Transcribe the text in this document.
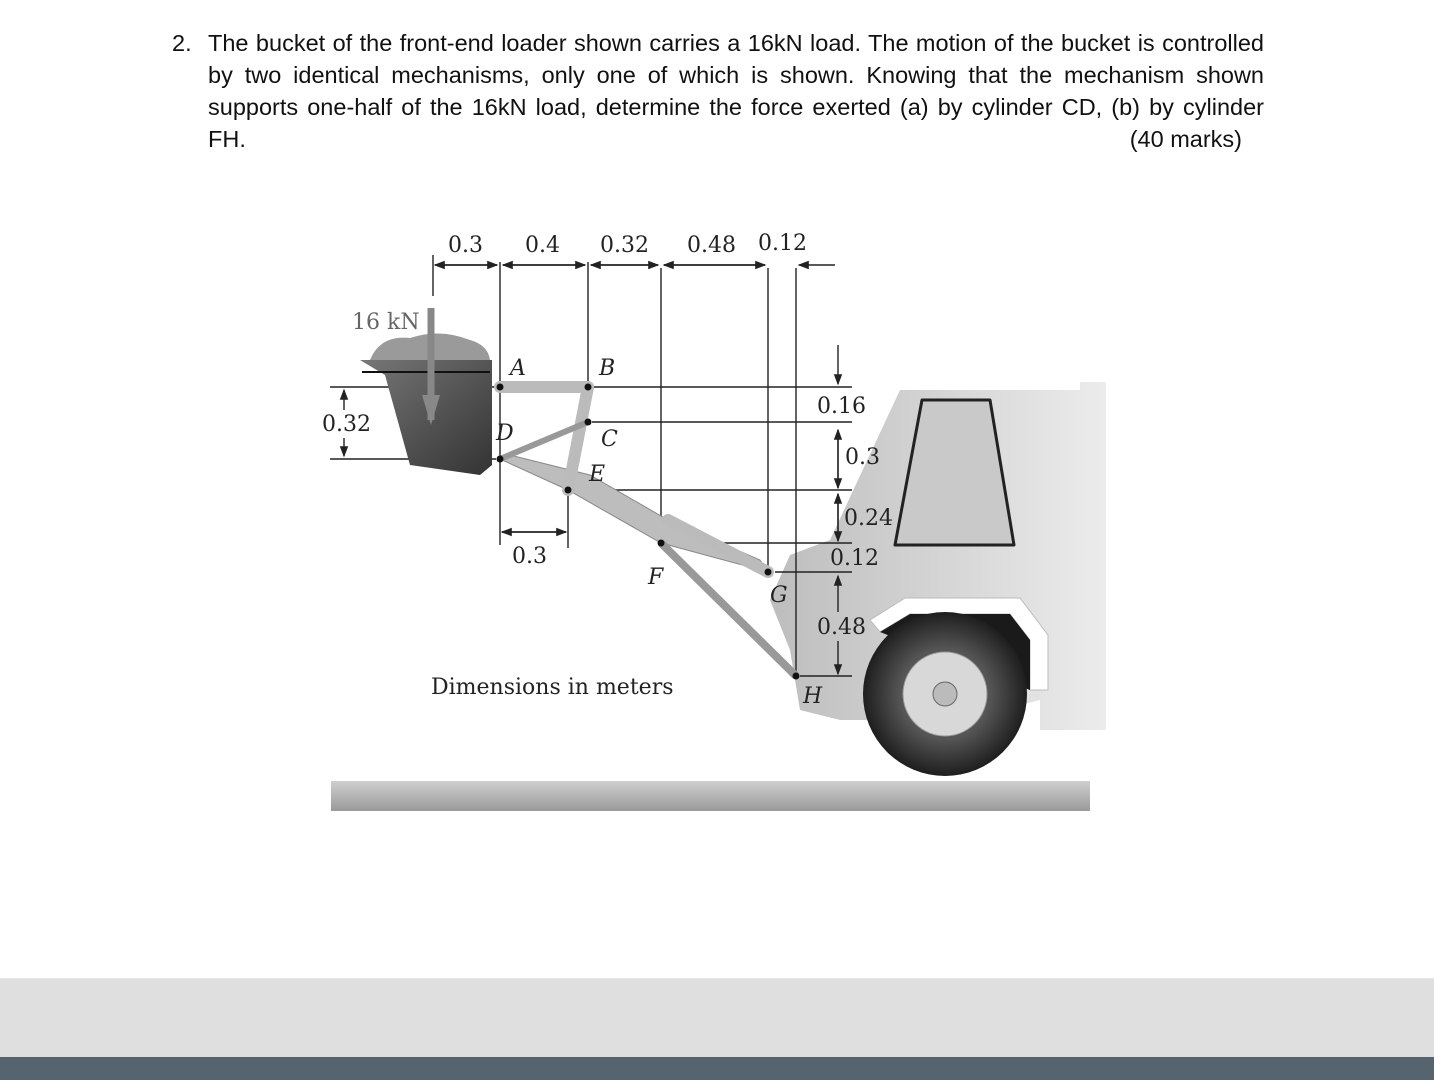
2. The bucket of the front-end loader shown carries a 16kN load. The motion of the bucket is controlled by two identical mechanisms, only one of which is shown. Knowing that the mechanism shown supports one-half of the 16kN load, determine the force exerted (a) by cylinder CD, (b) by cylinder FH.	(40 marks)
16 kN
0.3 0.4 0.32 0.48 0.12
0.16
0.3
0.24
0.12
0.48
0.32
0.3
A	B
C
D
E
F
G
H
Dimensions in meters
